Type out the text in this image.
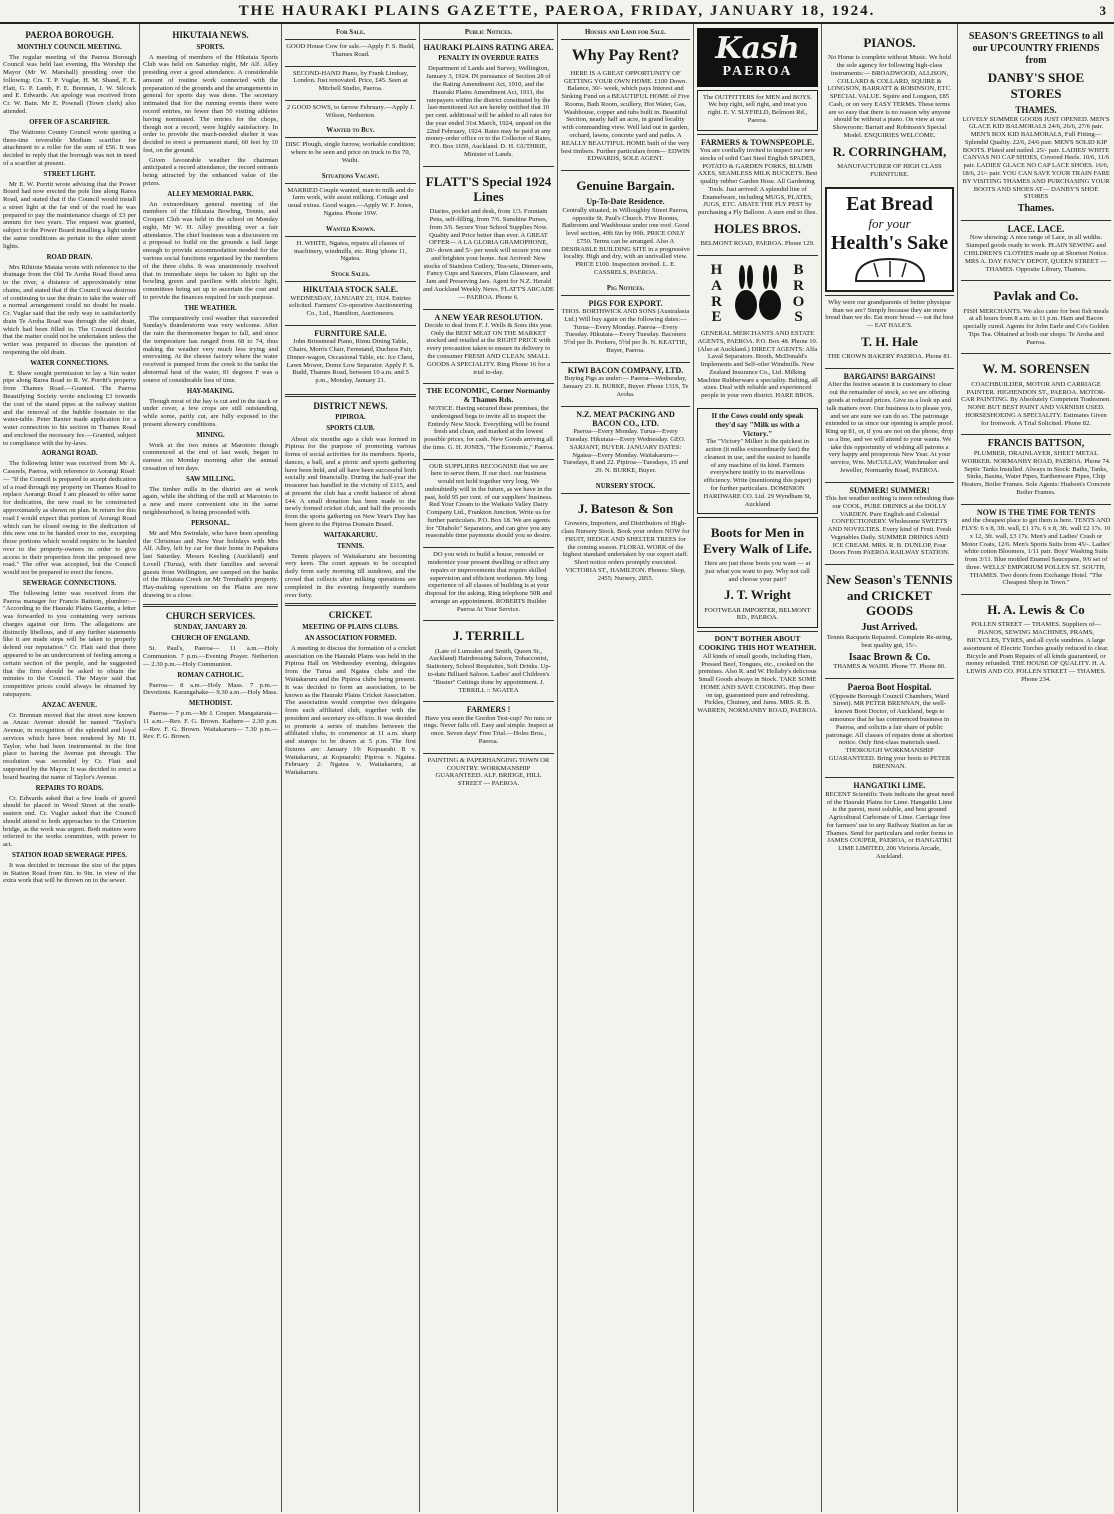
THE HAURAKI PLAINS GAZETTE, PAEROA, FRIDAY, JANUARY 18, 1924.	3
PAEROA BOROUGH.
MONTHLY COUNCIL MEETING.

The regular meeting of the Paeroa Borough Council was held last evening, His Worship the Mayor (Mr W. Marshall) presiding over the following: Crs. T. P. Vuglar, H. M. Shand, F. E. Flatt, G. P. Lamb, F. E. Brennan, J. W. Silcock and E. Edwards. An apology was received from Cr. W. Bain. Mr E. Pownall (Town clerk) also attended.

OFFER OF A SCARIFIER.

The Waitomo County Council wrote quoting a three-tine reversible Medium scarifier for attachment to a roller for the sum of £56. It was decided to reply that the borough was not in need of a scarifier at present.

STREET LIGHT.

Mr E. W. Porritt wrote advising that the Power Board had now erected the pole line along Rarea Road, and stated that if the Council would install a street light at the far end of the road he was prepared to pay the maintenance charge of £3 per annum for two years. The request was granted, subject to the Power Board installing a light under the same conditions as pertain to the other street lights.

ROAD DRAIN.

Mrs Rihitote Matata wrote with reference to the drainage from the Old Te Aroha Road flood area to the river, a distance of approximately nine chains, and stated that if the Council was desirous of continuing to use the drain to take the water off a normal arrangement could no doubt be made. Cr. Vuglar said that the only way to satisfactorily drain Te Aroha Road was through the old drain, which had been filled in. The Council decided that the matter could not be undertaken unless the writer was prepared to discuss the question of reopening the old drain.

WATER CONNECTIONS.

E. Shaw sought permission to lay a ¾in water pipe along Rarea Road to R. W. Porritt's property from Thames Road.—Granted. The Paeroa Beautifying Society wrote enclosing £3 towards the cost of the stand pipes at the railway station and the removal of the bubble fountain to the water-table. Peter Baxter made application for a water connection to his section in Thames Road and enclosed the necessary fee.—Granted, subject to compliance with the by-laws.

AORANGI ROAD.

The following letter was received from Mr A. Cassrels, Paeroa, with reference to Aorangi Road:— "If the Council is prepared to accept dedication of a road through my property on Thames Road to replace Aorangi Road I am pleased to offer same for dedication, the new road to be constructed approximately as shown on plan. In return for this road I would expect that portion of Aorangi Road which can be closed owing to the dedication of this new one to be handed over to me, excepting those portions which would require to be handed over to the property-owners in order to give access to their properties from the proposed new road." The offer was accepted, but the Council would not be prepared to erect the fences.

SEWERAGE CONNECTIONS.

The following letter was received from the Paeroa manager for Francis Battson, plumber:— "According to the Hauraki Plains Gazette, a letter was forwarded to you containing very serious charges against our firm. The allegations are distinctly libellous, and if any further statements like it are made steps will be taken to properly defend our reputation." Cr. Flatt said that there appeared to be an undercurrent of feeling among a certain section of the people, and he suggested that the firm should be asked to obtain the minutes to the Council. The Mayor said that competitive prices could always be obtained by ratepayers.

ANZAC AVENUE.

Cr. Brennan moved that the street now known as Anzac Avenue should be named "Taylor's Avenue, in recognition of the splendid and loyal services which have been rendered by Mr H. Taylor, who had been instrumental in the first place to having the Avenue put through. The resolution was seconded by Cr. Flatt and supported by the Mayor. It was decided to erect a board bearing the name of Taylor's Avenue.

REPAIRS TO ROADS.

Cr. Edwards asked that a few loads of gravel should be placed in Wood Street at the south-eastern end. Cr. Vuglar asked that the Council should attend to both approaches to the Criterion bridge, as the work was urgent. Both matters were referred to the works committee, with power to act.

STATION ROAD SEWERAGE PIPES.

It was decided to increase the size of the pipes in Station Road from 6in. to 9in. in view of the extra work that will be thrown on to the sewer.

HIKUTAIA NEWS.
SPORTS.

A meeting of members of the Hikutaia Sports Club was held on Saturday night, Mr Alf. Alley presiding over a good attendance. A considerable amount of routine work connected with the preparation of the grounds and the arrangements in general for sports day was done. The secretary intimated that for the running events there were record entries, no fewer than 50 visiting athletes having nominated. The entries for the chops, though not a record, were highly satisfactory. In order to provide the much-needed shelter it was decided to erect a permanent stand, 60 feet by 10 feet, on the ground.

Given favourable weather the chairman anticipated a record attendance, the record entrants being attracted by the enhanced value of the prizes.

ALLEY MEMORIAL PARK.

An extraordinary general meeting of the members of the Hikutaia Bowling, Tennis, and Croquet Club was held in the school on Monday night, Mr W. H. Alley presiding over a fair attendance. The chief business was a discussion on a proposal to build on the grounds a hall large enough to provide accommodation needed for the various social functions organised by the members of the three clubs. It was unanimously resolved that in immediate steps be taken to light up the bowling green and pavilion with electric light, committees being set up to ascertain the cost and to provide the finances required for such purpose.

THE WEATHER.

The comparatively cool weather that succeeded Sunday's thunderstorm was very welcome. After the rain the thermometer began to fall, and since the temperature has ranged from 68 to 74, thus making the weather very much less trying and enervating. At the cheese factory where the water received is pumped from the creek to the tanks the abnormal heat of the water, 81 degrees F was a source of considerable loss of time.

HAY-MAKING.

Though most of the hay is cut and in the stack or under cover, a few crops are still outstanding, while some, partly cut, are fully exposed to the present showery conditions.

MINING.

Work at the two mines at Marototo though commenced at the end of last week, began in earnest on Monday morning after the annual cessation of ten days.

SAW MILLING.

The timber mills in the district are at work again, while the shifting of the mill at Marototo to a new and more convenient site in the same neighbourhood, is being proceeded with.

PERSONAL.

Mr and Mrs Swindale, who have been spending the Christmas and New Year holidays with Mrs Alf. Alley, left by car for their home in Papakura last Saturday. Messrs Keeling (Auckland) and Lovell (Turua), with their families and several guests from Wellington, are camped on the banks of the Hikutaia Creek on Mr Trembath's property. Hay-making operations on the Plains are now drawing to a close.

CHURCH SERVICES.
SUNDAY, JANUARY 20.
CHURCH OF ENGLAND.

St. Paul's, Paeroa— 11 a.m.—Holy Communion. 7 p.m.—Evening Prayer. Netherton— 2.30 p.m.—Holy Communion.

ROMAN CATHOLIC.

Paeroa— 8 a.m.—Holy Mass. 7 p.m.—Devotions. Karangahake— 9.30 a.m.—Holy Mass.

METHODIST.

Paeroa— 7 p.m.—Mr J. Couper. Mangatarata— 11 a.m.—Rev. F. G. Brown. Kaihere— 2.30 p.m.—Rev. F. G. Brown. Waitakaruru— 7.30 p.m.—Rev. F. G. Brown.

For Sale.

GOOD House Cow for sale.—Apply F. S. Budd, Thames Road.

SECOND-HAND Piano, by Frank Lindsay, London. Just renovated. Price, £45. Seen at Mitchell Studio, Paeroa.

2 GOOD SOWS, to farrow February.—Apply J. Wilson, Netherton.

Wanted to Buy.

DISC Plough, single furrow, workable condition; where to be seen and price on truck to Bx 70, Waihi.

Situations Vacant.

MARRIED Couple wanted, man to milk and do farm work, wife assist milking. Cottage and usual extras. Good wages.—Apply W. F. Jones, Ngatea. Phone 19W.

Wanted Known.

H. WHITE, Ngatea, repairs all classes of machinery, windmills, etc. Ring 'phone 11, Ngatea.

Stock Sales.
HIKUTAIA STOCK SALE.

WEDNESDAY, JANUARY 23, 1924. Entries solicited. Farmers' Co-operative Auctioneering Co., Ltd., Hamilton, Auctioneers.

FURNITURE SALE.

John Brinsmead Piano, Rimu Dining Table, Chairs, Morris Chair, Fernstand, Duchess Pair, Dinner-wagon, Occasional Table, etc. Ice Chest, Lawn Mower, Dome Low Separator. Apply F. S. Budd, Thames Road, between 10 a.m. and 5 p.m., Monday, January 21.

DISTRICT NEWS.
PIPIROA.
SPORTS CLUB.

About six months ago a club was formed in Pipiroa for the purpose of promoting various forms of social activities for its members. Sports, dances, a ball, and a picnic and sports gathering have been held, and all have been successful both socially and financially. During the half-year the treasurer has handled in the vicinity of £115, and at present the club has a credit balance of about £44. A small donation has been made to the newly formed cricket club, and half the proceeds from the sports gathering on New Year's Day has been given to the Pipiroa Domain Board.

WAITAKARURU.
TENNIS.

Tennis players of Waitakaruru are becoming very keen. The court appears to be occupied daily from early morning till sundown, and the crowd that collects after milking operations are completed in the evening frequently numbers over forty.

CRICKET.
MEETING OF PLAINS CLUBS.
AN ASSOCIATION FORMED.

A meeting to discuss the formation of a cricket association on the Hauraki Plains was held in the Pipiroa Hall on Wednesday evening, delegates from the Turua and Ngatea clubs and the Waitakaruru and the Pipiroa clubs being present. It was decided to form an association, to be known as the Hauraki Plains Cricket Association. The association would comprise two delegates from each affiliated club, together with the president and secretary ex-officio. It was decided to promote a series of matches between the affiliated clubs, to commence at 11 a.m. sharp and stumps to be drawn at 5 p.m. The first fixtures are: January 19: Kopuarahi B v. Waitakaruru, at Kopuarahi; Pipiroa v. Ngatea. February 2: Ngatea v. Waitakaruru, at Waitakaruru.

Public Notices.
HAURAKI PLAINS RATING AREA.
PENALTY IN OVERDUE RATES

Department of Lands and Survey, Wellington, January 3, 1924. IN pursuance of Section 28 of the Rating Amendment Act, 1910, and the Hauraki Plains Amendment Act, 1911, the ratepayers within the district constituted by the last-mentioned Act are hereby notified that 10 per cent. additional will be added to all rates for the year ended 31st March, 1924, unpaid on the 22nd February, 1924. Rates may be paid at any money-order office or to the Collector of Rates, P.O. Box 1659, Auckland. D. H. GUTHRIE, Minister of Lands.

FLATT'S Special 1924 Lines

Diaries, pocket and desk, from 1/3. Fountain Pens, self-filling, from 7/6. Sunshine Purses, from 3/6. Secure Your School Supplies Now. Quality and Price better than ever. A GREAT OFFER— A LA GLORIA GRAMOPHONE, 20/- down and 5/- per week will secure you one and brighten your home. Just Arrived: New stocks of Stainless Cutlery, Tea-sets, Dinner-sets, Fancy Cups and Saucers, Plain Glassware, and Jam and Preserving Jars. Agent for N.Z. Herald and Auckland Weekly News. FLATT'S ARCADE — PAEROA. Phone 6.

A NEW YEAR RESOLUTION.

Decide to deal from F. J. Wells & Sons this year. Only the BEST MEAT ON THE MARKET stocked and retailed at the RIGHT PRICE with every precaution taken to ensure its delivery to the consumer FRESH AND CLEAN. SMALL GOODS A SPECIALITY. Ring Phone 16 for a trial to-day.

THE ECONOMIC, Corner Normanby & Thames Rds.

NOTICE. Having secured these premises, the undersigned begs to invite all to inspect the Entirely New Stock. Everything will be found fresh and clean, and marked at the lowest possible prices, for cash. New Goods arriving all the time. G. H. JONES, "The Economic," Paeroa.

OUR SUPPLIERS RECOGNISE that we are here to serve them. If our duct. our business would not hold together very long. We undoubtedly will in the future, as we have in the past, hold 95 per cent. of our suppliers' business. Red Your Cream to the Waikato Valley Dairy Company Ltd., Frankton Junction. Write us for further particulars. P.O. Box 18. We are agents for "Diabolo" Separators, and can give you any reasonable time payments should you so desire.

DO you wish to build a house, remodel or modernize your present dwelling or effect any repairs or improvements that require skilled supervision and efficient workmen. My long experience of all classes of building is at your disposal for the asking. Ring telephone 50R and arrange an appointment. ROBERTS Builder Paeroa At Your Service.

J. TERRILL

(Late of Lumsden and Smith, Queen St., Auckland) Hairdressing Saloon, Tobacconist, Stationery, School Requisites, Soft Drinks. Up-to-date Billiard Saloon. Ladies' and Children's "Buster" Cuttings done by appointment. J. TERRILL :: NGATEA

FARMERS !

Have you seen the Gordon Test-cup? No nuts or rings. Never falls off. Easy and simple. Inspect at once. Seven days' Free Trial.—Holes Bros., Paeroa.

PAINTING & PAPERHANGING TOWN OR COUNTRY. WORKMANSHIP GUARANTEED. ALF. BRIDGE, HILL STREET — PAEROA.

Houses and Land for Sale.
Why Pay Rent?

HERE IS A GREAT OPPORTUNITY OF GETTING YOUR OWN HOME. £100 Down. Balance, 30/- week, which pays Interest and Sinking Fund on a BEAUTIFUL HOME of Five Rooms, Bath Room, scullery, Hot Water, Gas, Washhouse, copper and tubs built in. Beautiful Section, nearly half an acre, in grand locality with commanding view. Well laid out in garden, orchard, lawns, concrete yard and paths. A REALLY BEAUTIFUL HOME built of the very best timbers. Further particulars from— EDWIN EDWARDS, SOLE AGENT.

Genuine Bargain.
Up-To-Date Residence.

Centrally situated, in Willoughby Street Paeroa, opposite St. Paul's Church. Five Rooms, Bathroom and Washhouse under one roof. Good level section, 49ft 6in by 99ft. PRICE ONLY £750. Terms can be arranged. Also A DESIRABLE BUILDING SITE in a progressive locality. High and dry, with an unrivalled view. PRICE £100. Inspection invited. L. E. CASSRELS, PAEROA.

Pig Notices.
PIGS FOR EXPORT.

THOS. BORTHWICK AND SONS (Australasia Ltd.) Will buy again on the following dates:— Turua—Every Monday. Paeroa—Every Tuesday. Hikutaia—Every Tuesday. Baconers 5½d per lb. Porkers, 5½d per lb. N. KEATTIE, Buyer, Paeroa.

KIWI BACON COMPANY, LTD.

Buying Pigs as under:— Paeroa—Wednesday, January 23. R. BURKE, Buyer. Phone 131S, Te Aroha.

N.Z. MEAT PACKING AND BACON CO., LTD.

Paeroa—Every Monday. Turua—Every Tuesday. Hikutaia—Every Wednesday. GEO. SARJANT, BUYER. JANUARY DATES: Ngatea—Every Monday. Waitakaruru—Tuesdays, 8 and 22. Pipiroa—Tuesdays, 15 and 29. N. BURKE, Buyer.

NURSERY STOCK.
J. Bateson & Son

Growers, Importers, and Distributors of High-class Nursery Stock. Book your orders NOW for FRUIT, HEDGE AND SHELTER TREES for the coming season. FLORAL WORK of the highest standard undertaken by our expert staff. Short notice orders promptly executed. VICTORIA ST., HAMILTON. Phones: Shop, 2455; Nursery, 2855.

Kash
PAEROA

The OUTFITTERS for MEN and BOYS. We buy right, sell right, and treat you right. E. V. SLYFIELD, Belmont Rd., Paeroa.

FARMERS & TOWNSPEOPLE.

You are cordially invited to inspect our new stocks of solid Cast Steel English SPADES, POTATO & GARDEN FORKS, BLUMB AXES, SEAMLESS MILK BUCKETS. Best quality rubber Garden Hose. All Gardening Tools. Just arrived: A splendid line of Enamelware, including MUGS, PLATES, JUGS, ETC. ABATE THE FLY PEST by purchasing a Fly Balloon. A sure end to flies.

HOLES BROS.

BELMONT ROAD, PAEROA. Phone 129.

HARE
BROS

GENERAL MERCHANTS AND ESTATE AGENTS, PAEROA. P.O. Box 48. Phone 10. (Also at Auckland.) DIRECT AGENTS: Alfa Laval Separators. Booth, McDonald's Implements and Self-oiler Windmills. New Zealand Insurance Co., Ltd. Milking Machine Rubberware a speciality. Belting, all sizes. Deal with reliable and experienced people in your own district. HARE BROS.

If the Cows could only speak they'd say "Milk us with a Victory."

The "Victory" Milker is the quickest in action (it milks extraordinarily fast) the cleanest in use, and the easiest to handle of any machine of its kind. Farmers everywhere testify to its marvellous efficiency. Write (mentioning this paper) for further particulars. DOMINION HARDWARE CO. Ltd. 29 Wyndham St, Auckland

Boots for Men in Every Walk of Life.

Here are just those boots you want — at just what you want to pay. Why not call and choose your pair?

J. T. Wright

FOOTWEAR IMPORTER, BELMONT RD., PAEROA.

DON'T BOTHER ABOUT COOKING THIS HOT WEATHER.

All kinds of small goods, including Ham, Pressed Beef, Tongues, etc., cooked on the premises. Also R. and W. Hellaby's delicious Small Goods always in Stock. TAKE SOME HOME AND SAVE COOKING. Hop Beer on tap, guaranteed pure and refreshing. Pickles, Chutney, and Jams. MRS. R. B. WARREN, NORMANBY ROAD, PAEROA.

PIANOS.

No Home is complete without Music. We hold the sole agency for following high-class instruments:— BROADWOOD, ALLISON, COLLARD & COLLARD, SQUIRE & LONGSON, BARRATT & ROBINSON, ETC. SPECIAL VALUE. Squire and Longson, £85 Cash, or on very EASY TERMS. These terms are so easy that there is no reason why anyone should be without a piano. On view at our Showroom: Barratt and Robinson's Special Model. ENQUIRIES WELCOME.

R. CORRINGHAM,

MANUFACTURER OF HIGH CLASS FURNITURE.

Eat Bread
for your
Health's Sake

Why were our grandparents of better physique than we are? Simply because they ate more bread than we do. Eat more bread — eat the best — EAT HALE'S.

T. H. Hale

THE CROWN BAKERY PAEROA. Phone 81.

BARGAINS! BARGAINS!

After the festive season it is customary to clear out the remainder of stock, so we are offering goods at reduced prices. Give us a look up and talk matters over. Our business is to please you, and we are sure we can do so. The patronage extended to us since our opening is ample proof. Ring up 81, or, if you are not on the phone, drop us a line, and we will attend to your wants. We take this opportunity of wishing all patrons a very happy and prosperous New Year. At your service, Wm. McCULLAY, Watchmaker and Jeweller, Normanby Road, PAEROA.

SUMMER! SUMMER!

This hot weather nothing is more refreshing than our COOL, PURE DRINKS at the DOLLY VARDEN. Pure English and Colonial CONFECTIONERY. Wholesome SWEETS AND NOVELTIES. Every kind of Fruit. Fresh Vegetables Daily. SUMMER DRINKS AND ICE CREAM. MRS. R. B. DUNLOP, Four Doors From PAEROA RAILWAY STATION.

New Season's TENNIS and CRICKET GOODS
Just Arrived.

Tennis Racquets Repaired. Complete Re-string, best quality gut, 15/-.

Isaac Brown & Co.

THAMES & WAIHI. Phone 77. Phone 80.

Paeroa Boot Hospital.

(Opposite Borough Council Chambers, Ward Street). MR PETER BRENNAN, the well-known Boot Doctor, of Auckland, begs to announce that he has commenced business in Paeroa, and solicits a fair share of public patronage. All classes of repairs done at shortest notice. Only first-class materials used. THOROUGH WORKMANSHIP GUARANTEED. Bring your boots to PETER BRENNAN.

HANGATIKI LIME.

RECENT Scientific Tests indicate the great need of the Hauraki Plains for Lime. Hangatiki Lime is the purest, most soluble, and best ground Agricultural Carbonate of Lime. Carriage free for farmers' use to any Railway Station as far as Thames. Send for particulars and order forms to JAMES COUPER, PAEROA, or HANGATIKI LIME LIMITED, 206 Victoria Arcade, Auckland.

SEASON'S GREETINGS to all our UPCOUNTRY FRIENDS from
DANBY'S SHOE STORES
THAMES.

LOVELY SUMMER GOODS JUST OPENED. MEN'S GLACE KID BALMORALS 24/6, 26/6, 27/6 pair. MEN'S BOX KID BALMORALS, Full Fitting—Splendid Quality. 22/6, 24/6 pair. MEN'S SOLID KIP BOOTS. Plated and nailed. 25/- pair. LADIES' WHITE CANVAS NO CAP SHOES, Covered Heels. 10/6, 11/6 pair. LADIES' GLACE NO CAP LACE SHOES. 16/6, 18/6, 21/- pair. YOU CAN SAVE YOUR TRAIN FARE BY VISITING THAMES AND PURCHASING YOUR BOOTS AND SHOES AT— DANBY'S SHOE STORES

Thames.
LACE. LACE.

Now showing: A nice range of Lace, in all widths. Stamped goods ready to work. PLAIN SEWING and CHILDREN'S CLOTHES made up at Shortest Notice. MRS A. DAY FANCY DEPOT, QUEEN STREET — THAMES. Opposite Library, Thames.

Pavlak and Co.

FISH MERCHANTS. We also cater for best fish meals at all hours from 8 a.m. to 11 p.m. Ham and Bacon specially cured. Agents for John Earle and Co's Golden Tips Tea. Obtained at both our shops: Te Aroha and Paeroa.

W. M. SORENSEN

COACHBUILDER, MOTOR AND CARRIAGE PAINTER. HIGHENDON ST., PAEROA. MOTOR-CAR PAINTING. By Absolutely Competent Tradesmen. NONE BUT BEST PAINT AND VARNISH USED. HORSESHOEING A SPECIALITY. Estimates Given for Ironwork. A Trial Solicited. Phone 82.

FRANCIS BATTSON,

PLUMBER, DRAINLAYER, SHEET METAL WORKER. NORMANBY ROAD, PAEROA. Phone 74. Septic Tanks Installed. Always in Stock: Baths, Tanks, Sinks, Basins, Water Pipes, Earthenware Pipes, Chip Heaters, Boiler Frames. Sole Agents: Hudson's Concrete Boiler Frames.

NOW IS THE TIME FOR TENTS

and the cheapest place to get them is here. TENTS AND FLYS: 6 x 8, 3ft. wall, £1 17s. 6 x 8, 3ft. wall £2 17s. 10 x 12, 3ft. wall, £3 17s. Men's and Ladies' Crash or Motor Coats, 12/6. Men's Sports Suits from 45/-. Ladies' white cotton Bloomers, 1/11 pair. Boys' Washing Suits from 3/11. Blue mottled Enamel Saucepans, 9/6 set of three. WELLS' EMPORIUM POLLEN ST. SOUTH, THAMES. Two doors from Exchange Hotel. "The Cheapest Shop in Town."

H. A. Lewis & Co

POLLEN STREET — THAMES. Suppliers of— PIANOS, SEWING MACHINES, PRAMS, BICYCLES, TYRES, and all cycle sundries. A large assortment of Electric Torches greatly reduced to clear. Bicycle and Pram Repairs of all kinds guaranteed, or money refunded. THE HOUSE OF QUALITY. H. A. LEWIS AND CO. POLLEN STREET — THAMES. Phone 234.
